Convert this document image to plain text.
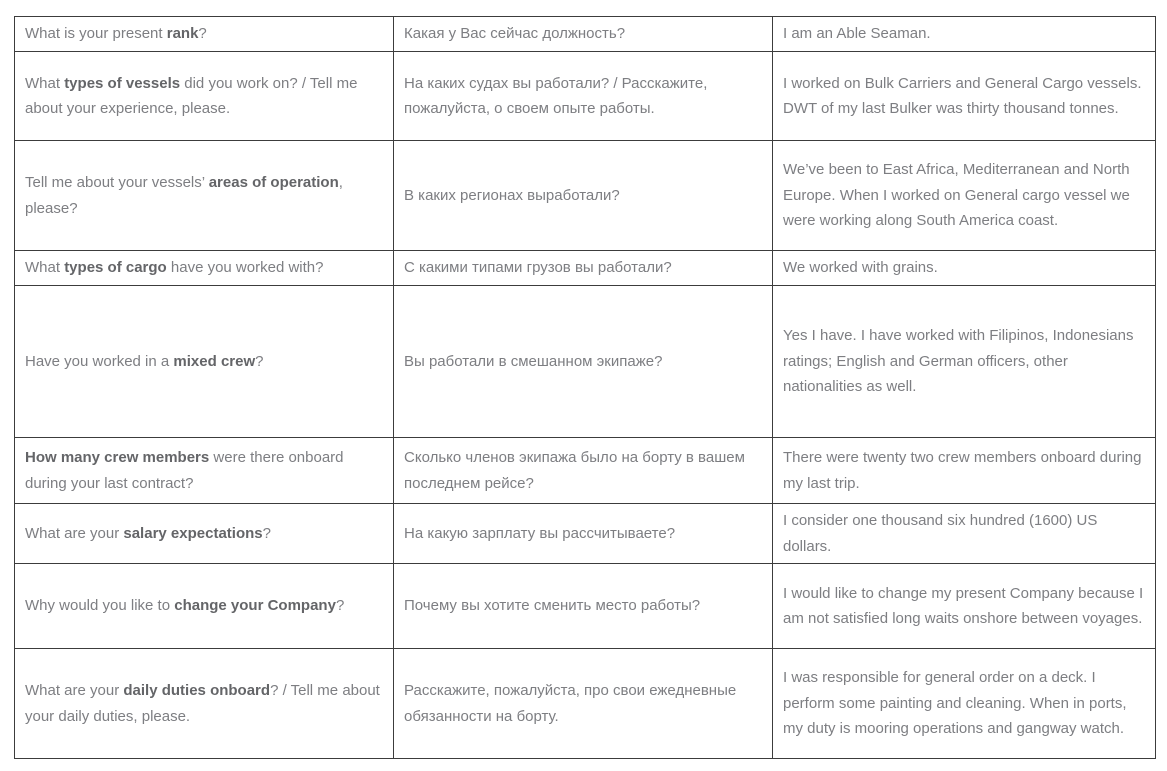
What is your present rank?	Какая у Вас сейчас должность?	I am an Able Seaman.
What types of vessels did you work on? / Tell me about your experience, please.	На каких судах вы работали? / Расскажите, пожалуйста, о своем опыте работы.	I worked on Bulk Carriers and General Cargo vessels. DWT of my last Bulker was thirty thousand tonnes.
Tell me about your vessels’ areas of operation, please?	В каких регионах выработали?	We’ve been to East Africa, Mediterranean and North Europe. When I worked on General cargo vessel we were working along South America coast.
What types of cargo have you worked with?	С какими типами грузов вы работали?	We worked with grains.
Have you worked in a mixed crew?	Вы работали в смешанном экипаже?	Yes I have. I have worked with Filipinos, Indonesians ratings; English and German officers, other nationalities as well.
How many crew members were there onboard during your last contract?	Сколько членов экипажа было на борту в вашем последнем рейсе?	There were twenty two crew members onboard during my last trip.
What are your salary expectations?	На какую зарплату вы рассчитываете?	I consider one thousand six hundred (1600) US dollars.
Why would you like to change your Company?	Почему вы хотите сменить место работы?	I would like to change my present Company because I am not satisfied long waits onshore between voyages.
What are your daily duties onboard? / Tell me about your daily duties, please.	Расскажите, пожалуйста, про свои ежедневные обязанности на борту.	I was responsible for general order on a deck. I perform some painting and cleaning. When in ports, my duty is mooring operations and gangway watch.
